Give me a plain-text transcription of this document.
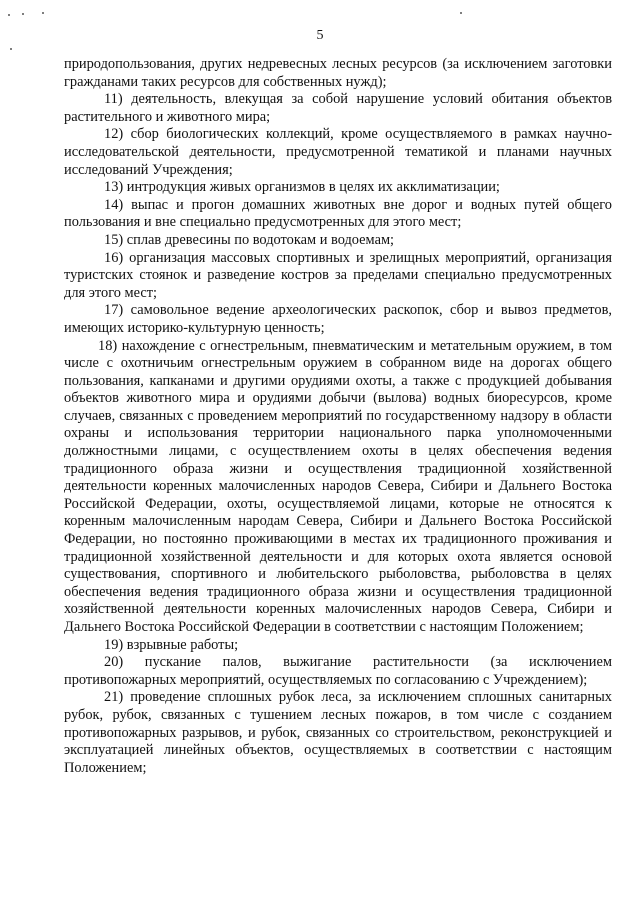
5

природопользования, других недревесных лесных ресурсов (за исключением заготовки гражданами таких ресурсов для собственных нужд);

11) деятельность, влекущая за собой нарушение условий обитания объектов растительного и животного мира;

12) сбор биологических коллекций, кроме осуществляемого в рамках научно-исследовательской деятельности, предусмотренной тематикой и планами научных исследований Учреждения;

13) интродукция живых организмов в целях их акклиматизации;

14) выпас и прогон домашних животных вне дорог и водных путей общего пользования и вне специально предусмотренных для этого мест;

15) сплав древесины по водотокам и водоемам;

16) организация массовых спортивных и зрелищных мероприятий, организация туристских стоянок и разведение костров за пределами специально предусмотренных для этого мест;

17) самовольное ведение археологических раскопок, сбор и вывоз предметов, имеющих историко-культурную ценность;

18) нахождение с огнестрельным, пневматическим и метательным оружием, в том числе с охотничьим огнестрельным оружием в собранном виде на дорогах общего пользования, капканами и другими орудиями охоты, а также с продукцией добывания объектов животного мира и орудиями добычи (вылова) водных биоресурсов, кроме случаев, связанных с проведением мероприятий по государственному надзору в области охраны и использования территории национального парка уполномоченными должностными лицами, с осуществлением охоты в целях обеспечения ведения традиционного образа жизни и осуществления традиционной хозяйственной деятельности коренных малочисленных народов Севера, Сибири и Дальнего Востока Российской Федерации, охоты, осуществляемой лицами, которые не относятся к коренным малочисленным народам Севера, Сибири и Дальнего Востока Российской Федерации, но постоянно проживающими в местах их традиционного проживания и традиционной хозяйственной деятельности и для которых охота является основой существования, спортивного и любительского рыболовства, рыболовства в целях обеспечения ведения традиционного образа жизни и осуществления традиционной хозяйственной деятельности коренных малочисленных народов Севера, Сибири и Дальнего Востока Российской Федерации в соответствии с настоящим Положением;

19) взрывные работы;

20) пускание палов, выжигание растительности (за исключением противопожарных мероприятий, осуществляемых по согласованию с Учреждением);

21) проведение сплошных рубок леса, за исключением сплошных санитарных рубок, рубок, связанных с тушением лесных пожаров, в том числе с созданием противопожарных разрывов, и рубок, связанных со строительством, реконструкцией и эксплуатацией линейных объектов, осуществляемых в соответствии с настоящим Положением;
